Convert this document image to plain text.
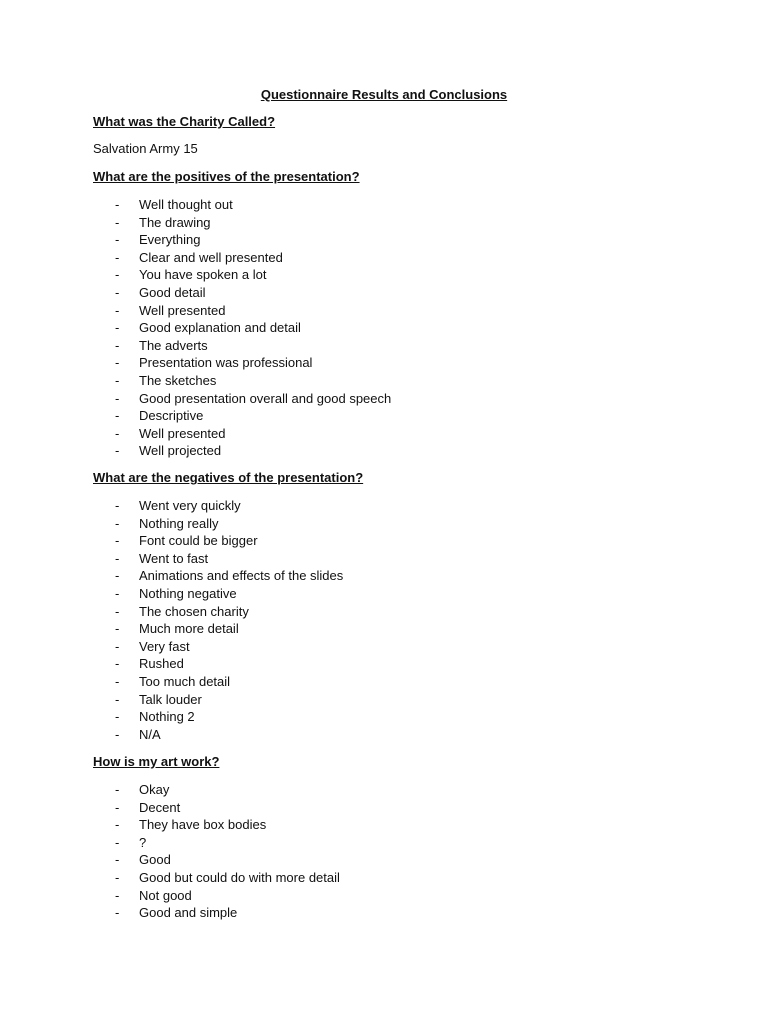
Questionnaire Results and Conclusions
What was the Charity Called?
Salvation Army 15
What are the positives of the presentation?
- Well thought out
- The drawing
- Everything
- Clear and well presented
- You have spoken a lot
- Good detail
- Well presented
- Good explanation and detail
- The adverts
- Presentation was professional
- The sketches
- Good presentation overall and good speech
- Descriptive
- Well presented
- Well projected
What are the negatives of the presentation?
- Went very quickly
- Nothing really
- Font could be bigger
- Went to fast
- Animations and effects of the slides
- Nothing negative
- The chosen charity
- Much more detail
- Very fast
- Rushed
- Too much detail
- Talk louder
- Nothing 2
- N/A
How is my art work?
- Okay
- Decent
- They have box bodies
- ?
- Good
- Good but could do with more detail
- Not good
- Good and simple
